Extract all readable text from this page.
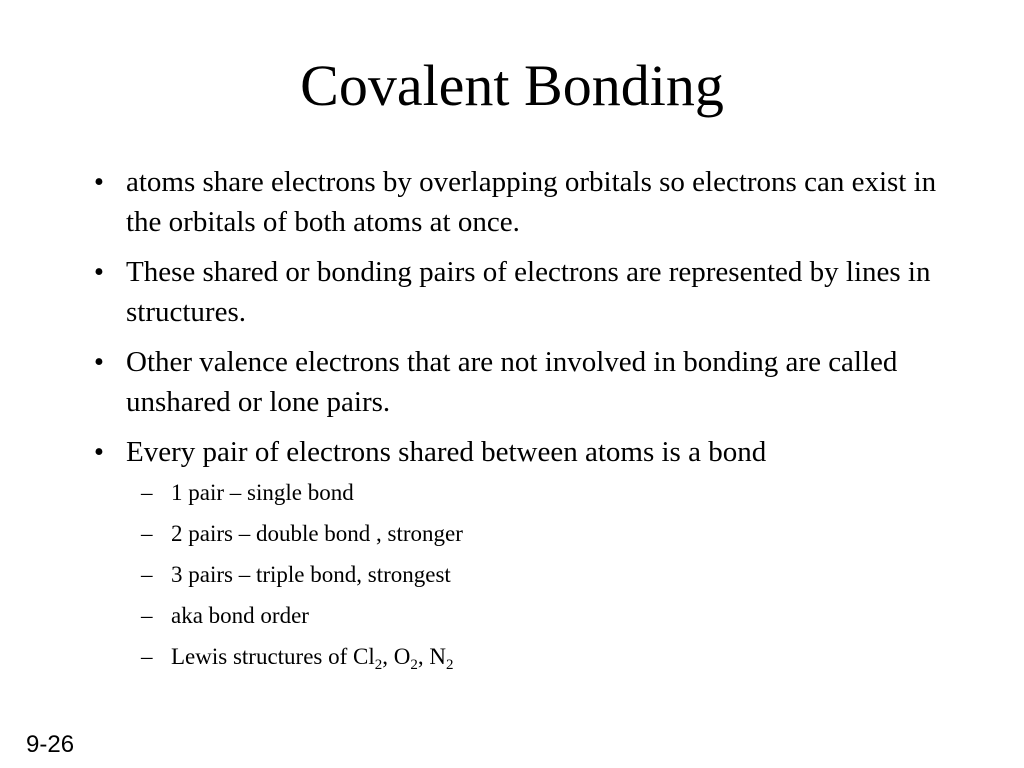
Covalent Bonding
• atoms share electrons by overlapping orbitals so electrons can exist in the orbitals of both atoms at once.
• These shared or bonding pairs of electrons are represented by lines in structures.
• Other valence electrons that are not involved in bonding are called unshared or lone pairs.
• Every pair of electrons shared between atoms is a bond
– 1 pair – single bond
– 2 pairs – double bond , stronger
– 3 pairs – triple bond, strongest
– aka bond order
– Lewis structures of $Cl_2$, $O_2$, $N_2$
9-26
